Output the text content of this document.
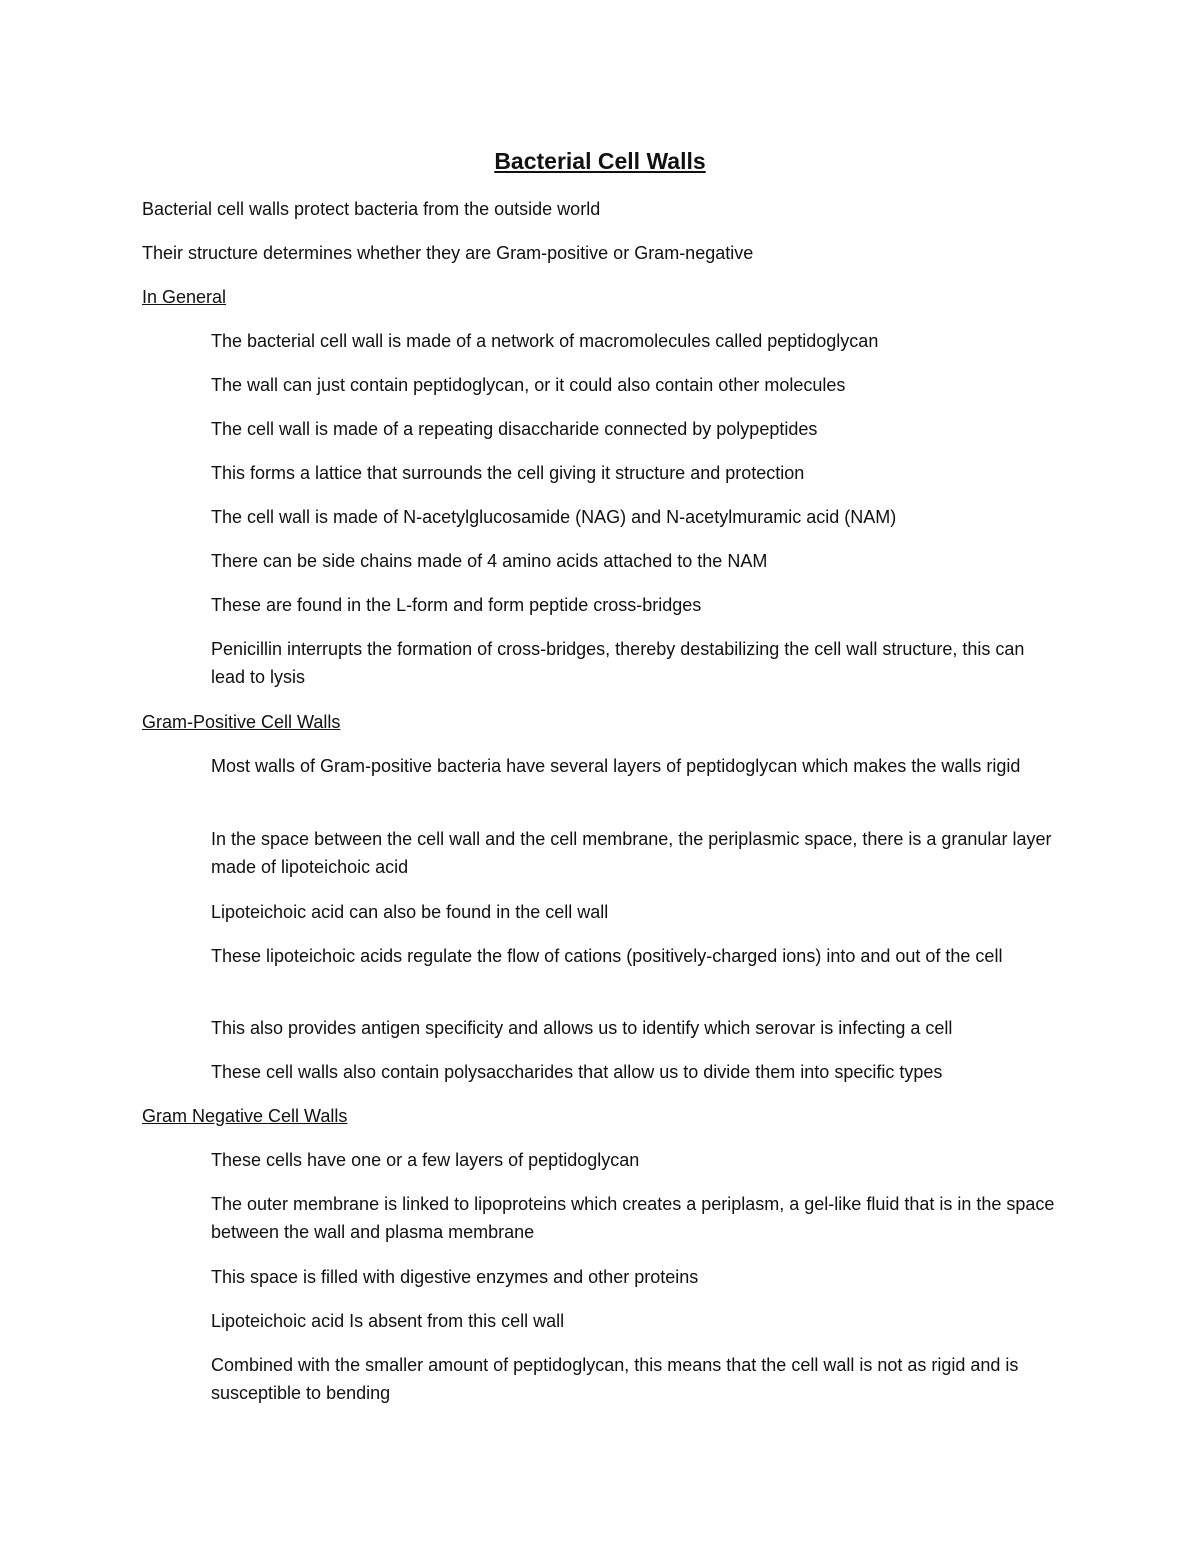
Bacterial Cell Walls

Bacterial cell walls protect bacteria from the outside world

Their structure determines whether they are Gram-positive or Gram-negative

In General

The bacterial cell wall is made of a network of macromolecules called peptidoglycan

The wall can just contain peptidoglycan, or it could also contain other molecules

The cell wall is made of a repeating disaccharide connected by polypeptides

This forms a lattice that surrounds the cell giving it structure and protection

The cell wall is made of N-acetylglucosamide (NAG) and N-acetylmuramic acid (NAM)

There can be side chains made of 4 amino acids attached to the NAM

These are found in the L-form and form peptide cross-bridges

Penicillin interrupts the formation of cross-bridges, thereby destabilizing the cell wall structure, this can lead to lysis

Gram-Positive Cell Walls

Most walls of Gram-positive bacteria have several layers of peptidoglycan which makes the walls rigid

In the space between the cell wall and the cell membrane, the periplasmic space, there is a granular layer made of lipoteichoic acid

Lipoteichoic acid can also be found in the cell wall

These lipoteichoic acids regulate the flow of cations (positively-charged ions) into and out of the cell

This also provides antigen specificity and allows us to identify which serovar is infecting a cell

These cell walls also contain polysaccharides that allow us to divide them into specific types

Gram Negative Cell Walls

These cells have one or a few layers of peptidoglycan

The outer membrane is linked to lipoproteins which creates a periplasm, a gel-like fluid that is in the space between the wall and plasma membrane

This space is filled with digestive enzymes and other proteins

Lipoteichoic acid Is absent from this cell wall

Combined with the smaller amount of peptidoglycan, this means that the cell wall is not as rigid and is susceptible to bending
